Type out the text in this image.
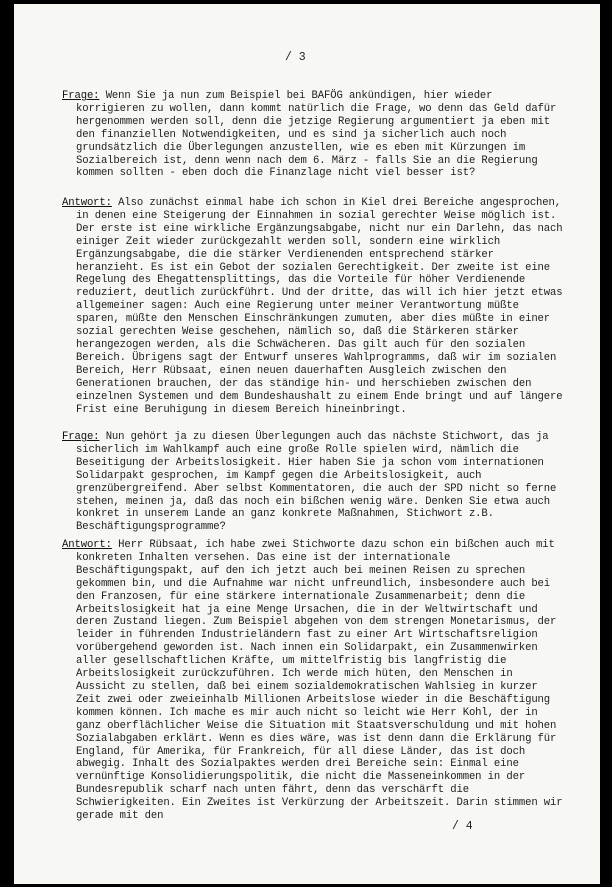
/ 3

Frage: Wenn Sie ja nun zum Beispiel bei BAFÖG ankündigen, hier wieder korrigieren zu wollen, dann kommt natürlich die Frage, wo denn das Geld dafür hergenommen werden soll, denn die jetzige Regierung argumentiert ja eben mit den finanziellen Notwendigkeiten, und es sind ja sicherlich auch noch grundsätzlich die Überlegungen anzustellen, wie es eben mit Kürzungen im Sozialbereich ist, denn wenn nach dem 6. März - falls Sie an die Regierung kommen sollten - eben doch die Finanzlage nicht viel besser ist?

Antwort: Also zunächst einmal habe ich schon in Kiel drei Bereiche angesprochen, in denen eine Steigerung der Einnahmen in sozial gerechter Weise möglich ist. Der erste ist eine wirkliche Ergänzungsabgabe, nicht nur ein Darlehn, das nach einiger Zeit wieder zurückgezahlt werden soll, sondern eine wirklich Ergänzungsabgabe, die die stärker Verdienenden entsprechend stärker heranzieht. Es ist ein Gebot der sozialen Gerechtigkeit. Der zweite ist eine Regelung des Ehegattensplittings, das die Vorteile für höher Verdienende reduziert, deutlich zurückführt. Und der dritte, das will ich hier jetzt etwas allgemeiner sagen: Auch eine Regierung unter meiner Verantwortung müßte sparen, müßte den Menschen Einschränkungen zumuten, aber dies müßte in einer sozial gerechten Weise geschehen, nämlich so, daß die Stärkeren stärker herangezogen werden, als die Schwächeren. Das gilt auch für den sozialen Bereich. Übrigens sagt der Entwurf unseres Wahlprogramms, daß wir im sozialen Bereich, Herr Rübsaat, einen neuen dauerhaften Ausgleich zwischen den Generationen brauchen, der das ständige hin- und herschieben zwischen den einzelnen Systemen und dem Bundeshaushalt zu einem Ende bringt und auf längere Frist eine Beruhigung in diesem Bereich hineinbringt.

Frage: Nun gehört ja zu diesen Überlegungen auch das nächste Stichwort, das ja sicherlich im Wahlkampf auch eine große Rolle spielen wird, nämlich die Beseitigung der Arbeitslosigkeit. Hier haben Sie ja schon vom internationen Solidarpakt gesprochen, im Kampf gegen die Arbeitslosigkeit, auch grenzübergreifend. Aber selbst Kommentatoren, die auch der SPD nicht so ferne stehen, meinen ja, daß das noch ein bißchen wenig wäre. Denken Sie etwa auch konkret in unserem Lande an ganz konkrete Maßnahmen, Stichwort z.B. Beschäftigungsprogramme?

Antwort: Herr Rübsaat, ich habe zwei Stichworte dazu schon ein bißchen auch mit konkreten Inhalten versehen. Das eine ist der internationale Beschäftigungspakt, auf den ich jetzt auch bei meinen Reisen zu sprechen gekommen bin, und die Aufnahme war nicht unfreundlich, insbesondere auch bei den Franzosen, für eine stärkere internationale Zusammenarbeit; denn die Arbeitslosigkeit hat ja eine Menge Ursachen, die in der Weltwirtschaft und deren Zustand liegen. Zum Beispiel abgehen von dem strengen Monetarismus, der leider in führenden Industrieländern fast zu einer Art Wirtschaftsreligion vorübergehend geworden ist. Nach innen ein Solidarpakt, ein Zusammenwirken aller gesellschaftlichen Kräfte, um mittelfristig bis langfristig die Arbeitslosigkeit zurückzuführen. Ich werde mich hüten, den Menschen in Aussicht zu stellen, daß bei einem sozialdemokratischen Wahlsieg in kurzer Zeit zwei oder zweieinhalb Millionen Arbeitslose wieder in die Beschäftigung kommen können. Ich mache es mir auch nicht so leicht wie Herr Kohl, der in ganz oberflächlicher Weise die Situation mit Staatsverschuldung und mit hohen Sozialabgaben erklärt. Wenn es dies wäre, was ist denn dann die Erklärung für England, für Amerika, für Frankreich, für all diese Länder, das ist doch abwegig. Inhalt des Sozialpaktes werden drei Bereiche sein: Einmal eine vernünftige Konsolidierungspolitik, die nicht die Masseneinkommen in der Bundesrepublik scharf nach unten fährt, denn das verschärft die Schwierigkeiten. Ein Zweites ist Verkürzung der Arbeitszeit. Darin stimmen wir gerade mit den

/ 4
